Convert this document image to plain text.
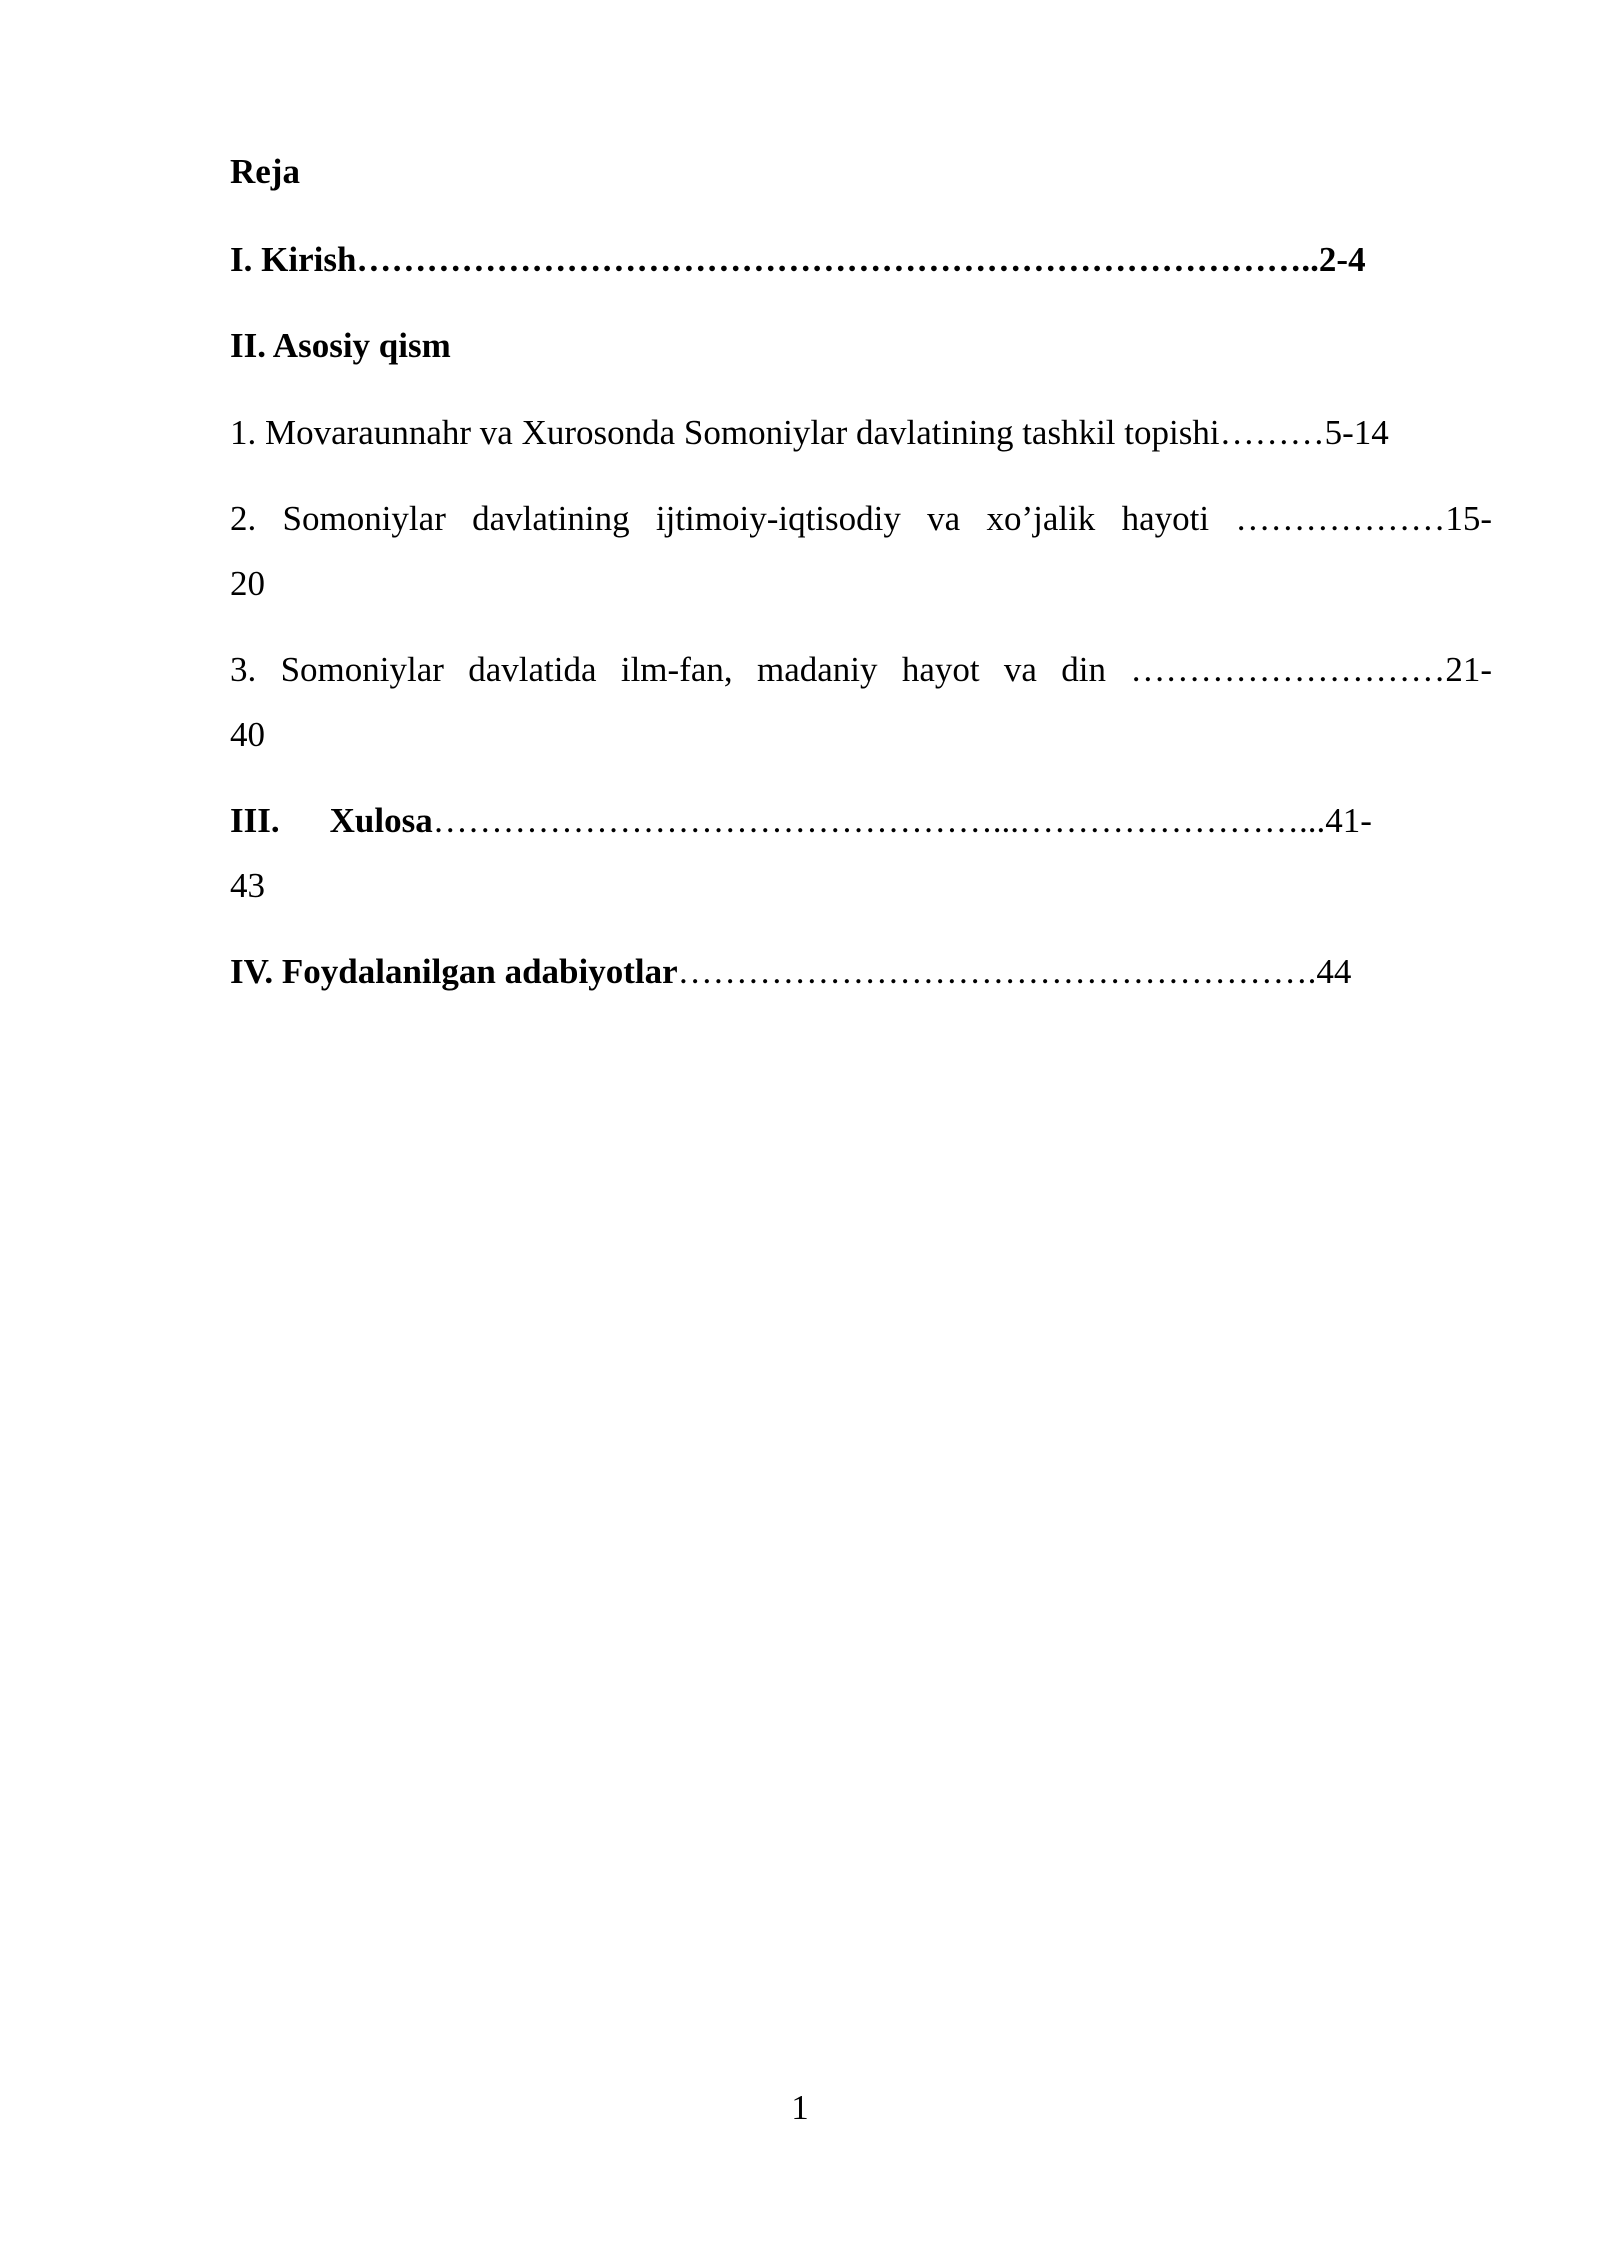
Reja
I. Kirish………………………………………………………………………..2-4
II. Asosiy qism
1. Movaraunnahr va Xurosonda Somoniylar davlatining tashkil topishi………5-14
2. Somoniylar davlatining ijtimoiy-iqtisodiy va xo’jalik hayoti ………………15-
20
3. Somoniylar davlatida ilm-fan, madaniy hayot va din ………………………21-
40
III. Xulosa…………………………………………...……………………...41-
43
IV. Foydalanilgan adabiyotlar……………………………………………….44
1
